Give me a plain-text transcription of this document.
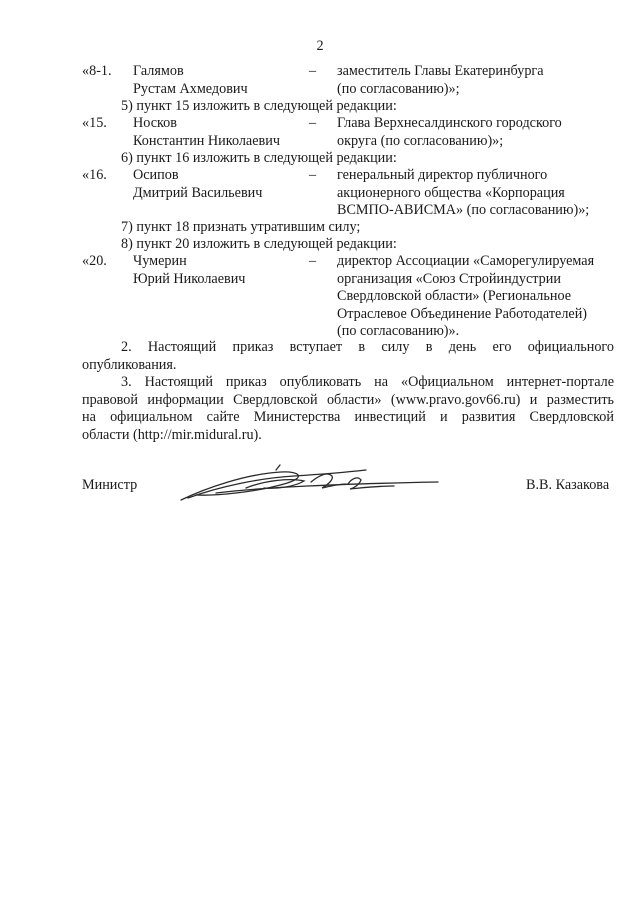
2
«8-1. Галямов
Рустам Ахмедович
– заместитель Главы Екатеринбурга
(по согласованию)»;
5) пункт 15 изложить в следующей редакции:
«15. Носков
Константин Николаевич
– Глава Верхнесалдинского городского
округа (по согласованию)»;
6) пункт 16 изложить в следующей редакции:
«16. Осипов
Дмитрий Васильевич
– генеральный директор публичного
акционерного общества «Корпорация
ВСМПО-АВИСМА» (по согласованию)»;
7) пункт 18 признать утратившим силу;
8) пункт 20 изложить в следующей редакции:
«20. Чумерин
Юрий Николаевич
– директор Ассоциации «Саморегулируемая
организация «Союз Стройиндустрии
Свердловской области» (Региональное
Отраслевое Объединение Работодателей)
(по согласованию)».
2. Настоящий приказ вступает в силу в день его официального
опубликования.
3. Настоящий приказ опубликовать на «Официальном интернет-портале
правовой информации Свердловской области» (www.pravo.gov66.ru) и разместить
на официальном сайте Министерства инвестиций и развития Свердловской
области (http://mir.midural.ru).
Министр	В.В. Казакова
